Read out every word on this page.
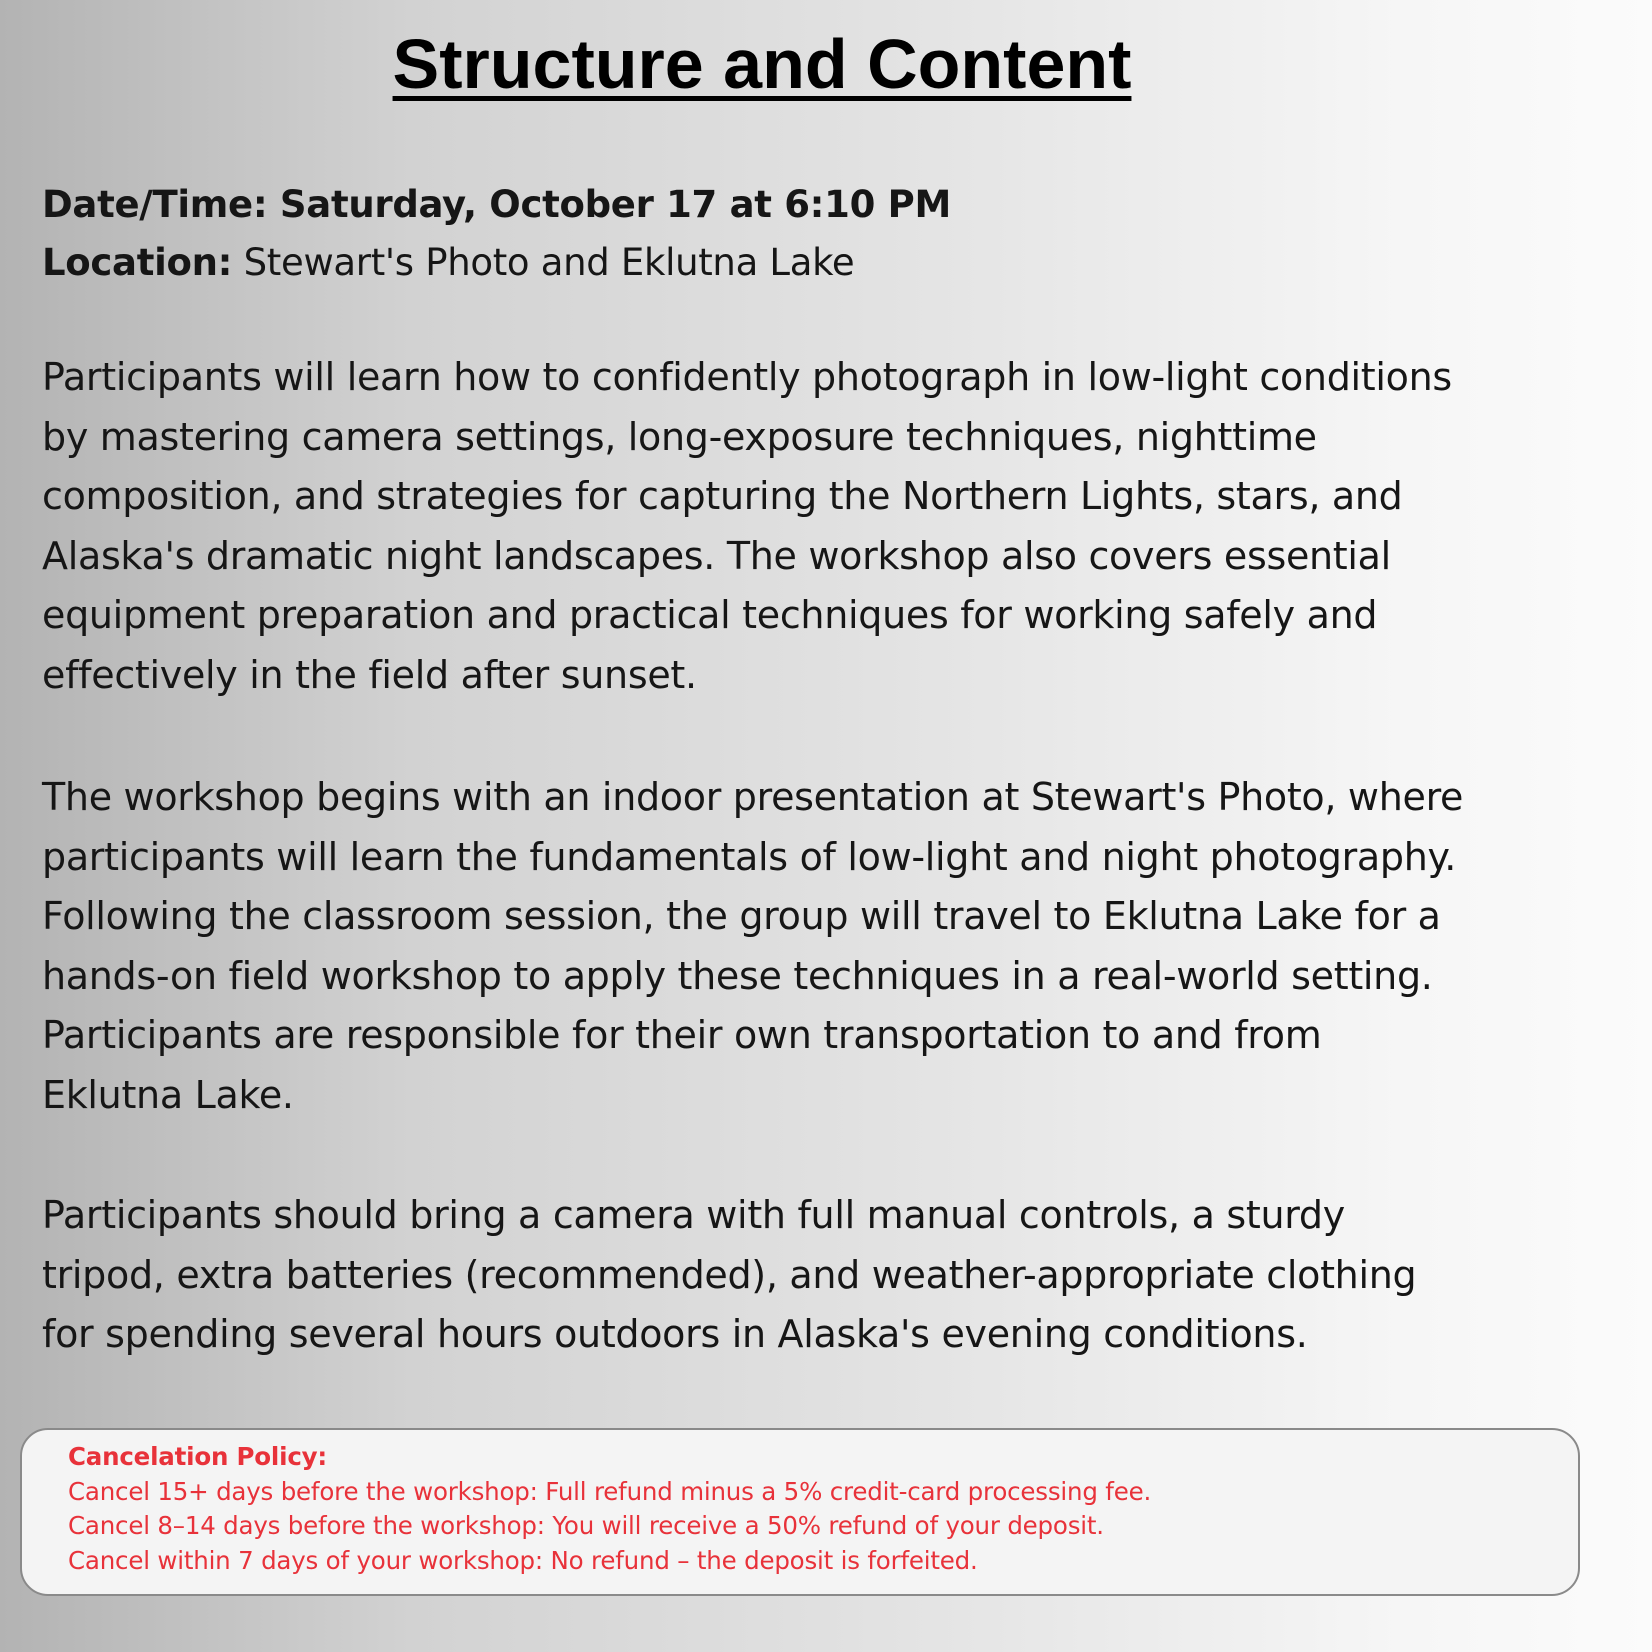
Structure and Content
Date/Time: Saturday, October 17 at 6:10 PM
Location: Stewart's Photo and Eklutna Lake

Participants will learn how to confidently photograph in low-light conditions
by mastering camera settings, long-exposure techniques, nighttime
composition, and strategies for capturing the Northern Lights, stars, and
Alaska's dramatic night landscapes. The workshop also covers essential
equipment preparation and practical techniques for working safely and
effectively in the field after sunset.

The workshop begins with an indoor presentation at Stewart's Photo, where
participants will learn the fundamentals of low-light and night photography.
Following the classroom session, the group will travel to Eklutna Lake for a
hands-on field workshop to apply these techniques in a real-world setting.
Participants are responsible for their own transportation to and from
Eklutna Lake.

Participants should bring a camera with full manual controls, a sturdy
tripod, extra batteries (recommended), and weather-appropriate clothing
for spending several hours outdoors in Alaska's evening conditions.

Cancelation Policy:
Cancel 15+ days before the workshop: Full refund minus a 5% credit-card processing fee.
Cancel 8–14 days before the workshop: You will receive a 50% refund of your deposit.
Cancel within 7 days of your workshop: No refund – the deposit is forfeited.
